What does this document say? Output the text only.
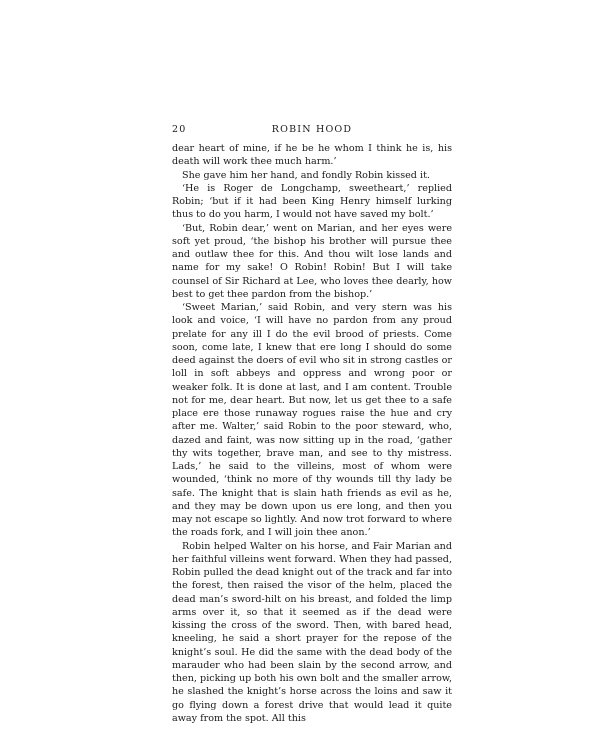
20	ROBIN HOOD

dear heart of mine, if he be he whom I think he is, his death will work thee much harm.’

She gave him her hand, and fondly Robin kissed it.

‘He is Roger de Longchamp, sweetheart,’ replied Robin; ‘but if it had been King Henry himself lurking thus to do you harm, I would not have saved my bolt.’

‘But, Robin dear,’ went on Marian, and her eyes were soft yet proud, ‘the bishop his brother will pursue thee and outlaw thee for this. And thou wilt lose lands and name for my sake! O Robin! Robin! But I will take counsel of Sir Richard at Lee, who loves thee dearly, how best to get thee pardon from the bishop.’

‘Sweet Marian,’ said Robin, and very stern was his look and voice, ‘I will have no pardon from any proud prelate for any ill I do the evil brood of priests. Come soon, come late, I knew that ere long I should do some deed against the doers of evil who sit in strong castles or loll in soft abbeys and oppress and wrong poor or weaker folk. It is done at last, and I am content. Trouble not for me, dear heart. But now, let us get thee to a safe place ere those runaway rogues raise the hue and cry after me. Walter,’ said Robin to the poor steward, who, dazed and faint, was now sitting up in the road, ‘gather thy wits together, brave man, and see to thy mistress. Lads,’ he said to the villeins, most of whom were wounded, ‘think no more of thy wounds till thy lady be safe. The knight that is slain hath friends as evil as he, and they may be down upon us ere long, and then you may not escape so lightly. And now trot forward to where the roads fork, and I will join thee anon.’

Robin helped Walter on his horse, and Fair Marian and her faithful villeins went forward. When they had passed, Robin pulled the dead knight out of the track and far into the forest, then raised the visor of the helm, placed the dead man’s sword-hilt on his breast, and folded the limp arms over it, so that it seemed as if the dead were kissing the cross of the sword. Then, with bared head, kneeling, he said a short prayer for the repose of the knight’s soul. He did the same with the dead body of the marauder who had been slain by the second arrow, and then, picking up both his own bolt and the smaller arrow, he slashed the knight’s horse across the loins and saw it go flying down a forest drive that would lead it quite away from the spot. All this
